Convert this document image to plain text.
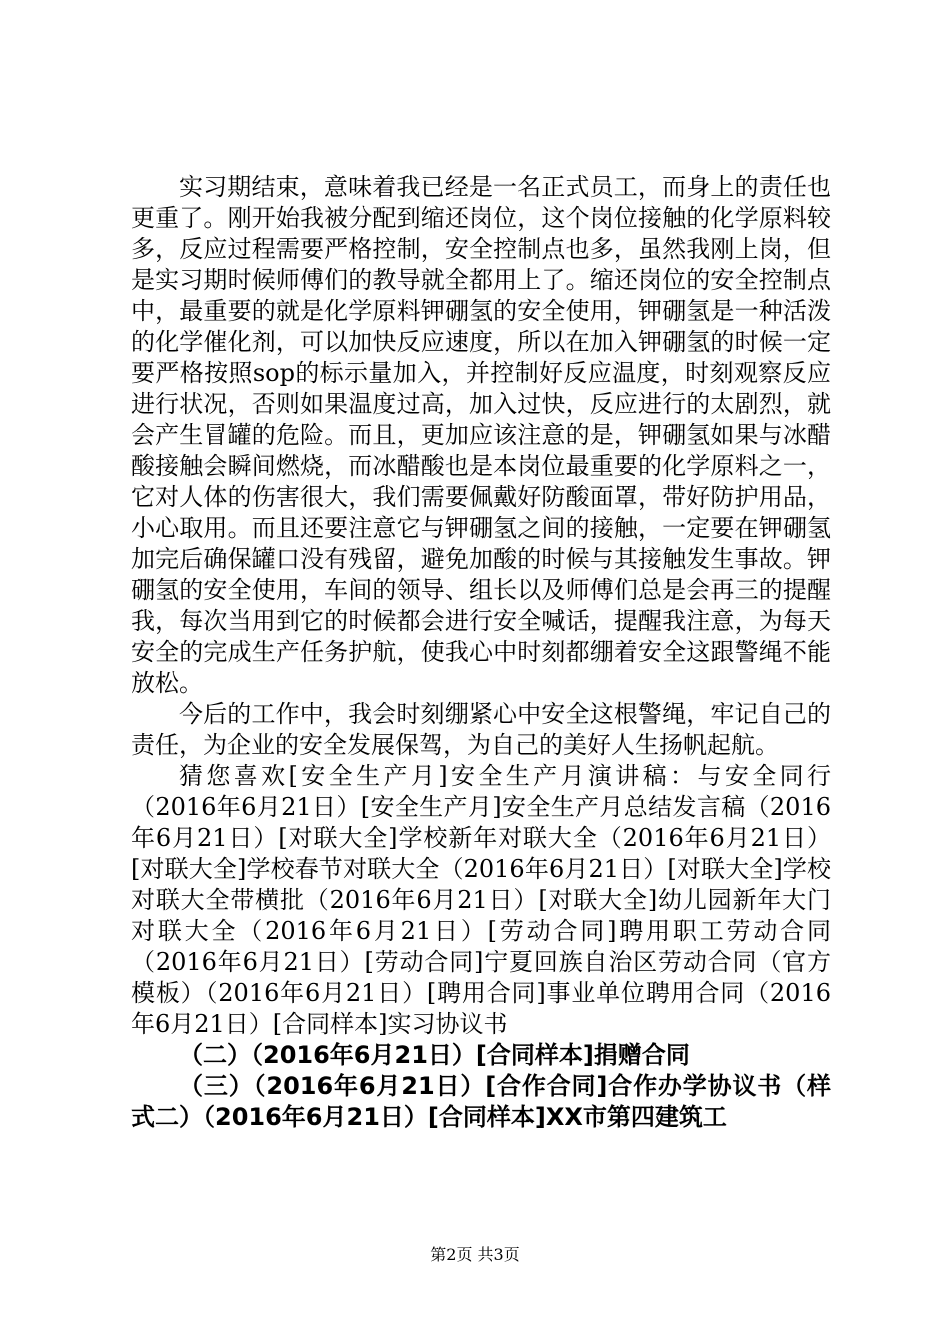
实习期结束，意味着我已经是一名正式员工，而身上的责任也更重了。刚开始我被分配到缩还岗位，这个岗位接触的化学原料较多，反应过程需要严格控制，安全控制点也多，虽然我刚上岗，但是实习期时候师傅们的教导就全都用上了。缩还岗位的安全控制点中，最重要的就是化学原料钾硼氢的安全使用，钾硼氢是一种活泼的化学催化剂，可以加快反应速度，所以在加入钾硼氢的时候一定要严格按照sop的标示量加入，并控制好反应温度，时刻观察反应进行状况，否则如果温度过高，加入过快，反应进行的太剧烈，就会产生冒罐的危险。而且，更加应该注意的是，钾硼氢如果与冰醋酸接触会瞬间燃烧，而冰醋酸也是本岗位最重要的化学原料之一，它对人体的伤害很大，我们需要佩戴好防酸面罩，带好防护用品，小心取用。而且还要注意它与钾硼氢之间的接触，一定要在钾硼氢加完后确保罐口没有残留，避免加酸的时候与其接触发生事故。钾硼氢的安全使用，车间的领导、组长以及师傅们总是会再三的提醒我，每次当用到它的时候都会进行安全喊话，提醒我注意，为每天安全的完成生产任务护航，使我心中时刻都绷着安全这跟警绳不能放松。

今后的工作中，我会时刻绷紧心中安全这根警绳，牢记自己的责任，为企业的安全发展保驾，为自己的美好人生扬帆起航。

猜您喜欢[安全生产月]安全生产月演讲稿：与安全同行（2016年6月21日）[安全生产月]安全生产月总结发言稿（2016年6月21日）[对联大全]学校新年对联大全（2016年6月21日）[对联大全]学校春节对联大全（2016年6月21日）[对联大全]学校对联大全带横批（2016年6月21日）[对联大全]幼儿园新年大门对联大全（2016年6月21日）[劳动合同]聘用职工劳动合同（2016年6月21日）[劳动合同]宁夏回族自治区劳动合同（官方模板）（2016年6月21日）[聘用合同]事业单位聘用合同（2016年6月21日）[合同样本]实习协议书

（二）（2016年6月21日）[合同样本]捐赠合同

（三）（2016年6月21日）[合作合同]合作办学协议书（样式二）（2016年6月21日）[合同样本]XX市第四建筑工

第2页 共3页
